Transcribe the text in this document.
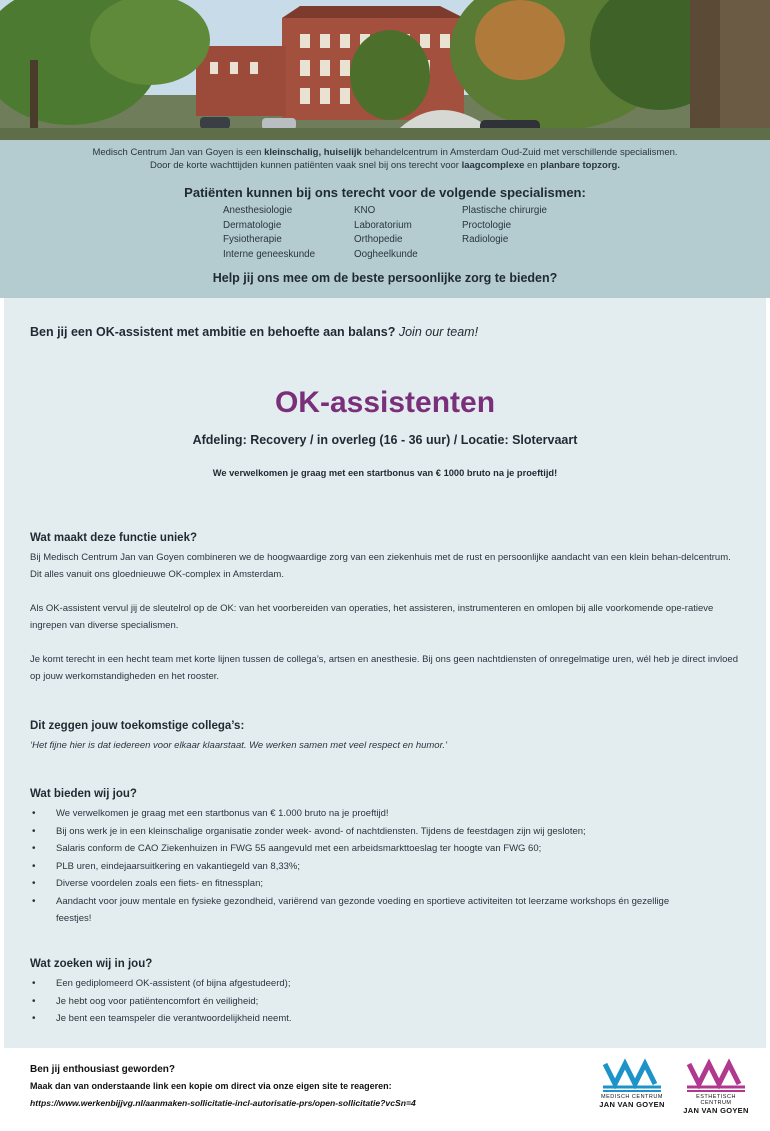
Medisch Centrum Jan van Goyen is een kleinschalig, huiselijk behandelcentrum in Amsterdam Oud-Zuid met verschillende specialismen.
Door de korte wachttijden kunnen patiënten vaak snel bij ons terecht voor laagcomplexe en planbare topzorg.
Patiënten kunnen bij ons terecht voor de volgende specialismen:
Anesthesiologie
Dermatologie
Fysiotherapie
Interne geneeskunde
KNO
Laboratorium
Orthopedie
Oogheelkunde
Plastische chirurgie
Proctologie
Radiologie
Help jij ons mee om de beste persoonlijke zorg te bieden?
Ben jij een OK-assistent met ambitie en behoefte aan balans? Join our team!
OK-assistenten
Afdeling: Recovery / in overleg (16 - 36 uur) / Locatie: Slotervaart
We verwelkomen je graag met een startbonus van € 1000 bruto na je proeftijd!
Wat maakt deze functie uniek?
Bij Medisch Centrum Jan van Goyen combineren we de hoogwaardige zorg van een ziekenhuis met de rust en persoonlijke aandacht van een klein behan-delcentrum. Dit alles vanuit ons gloednieuwe OK-complex in Amsterdam.
Als OK-assistent vervul jij de sleutelrol op de OK: van het voorbereiden van operaties, het assisteren, instrumenteren en omlopen bij alle voorkomende ope-ratieve ingrepen van diverse specialismen.
Je komt terecht in een hecht team met korte lijnen tussen de collega’s, artsen en anesthesie. Bij ons geen nachtdiensten of onregelmatige uren, wél heb je direct invloed op jouw werkomstandigheden en het rooster.
Dit zeggen jouw toekomstige collega’s:
‘Het fijne hier is dat iedereen voor elkaar klaarstaat. We werken samen met veel respect en humor.’
Wat bieden wij jou?
• We verwelkomen je graag met een startbonus van € 1.000 bruto na je proeftijd!
• Bij ons werk je in een kleinschalige organisatie zonder week- avond- of nachtdiensten. Tijdens de feestdagen zijn wij gesloten;
• Salaris conform de CAO Ziekenhuizen in FWG 55 aangevuld met een arbeidsmarkttoeslag ter hoogte van FWG 60;
• PLB uren, eindejaarsuitkering en vakantiegeld van 8,33%;
• Diverse voordelen zoals een fiets- en fitnessplan;
• Aandacht voor jouw mentale en fysieke gezondheid, variërend van gezonde voeding en sportieve activiteiten tot leerzame workshops én gezellige feestjes!
Wat zoeken wij in jou?
• Een gediplomeerd OK-assistent (of bijna afgestudeerd);
• Je hebt oog voor patiëntencomfort én veiligheid;
• Je bent een teamspeler die verantwoordelijkheid neemt.
Ben jij enthousiast geworden?
Maak dan van onderstaande link een kopie om direct via onze eigen site te reageren:
https://www.werkenbijjvg.nl/aanmaken-sollicitatie-incl-autorisatie-prs/open-sollicitatie?vcSn=4
MEDISCH CENTRUM
JAN VAN GOYEN
ESTHETISCH CENTRUM
JAN VAN GOYEN
